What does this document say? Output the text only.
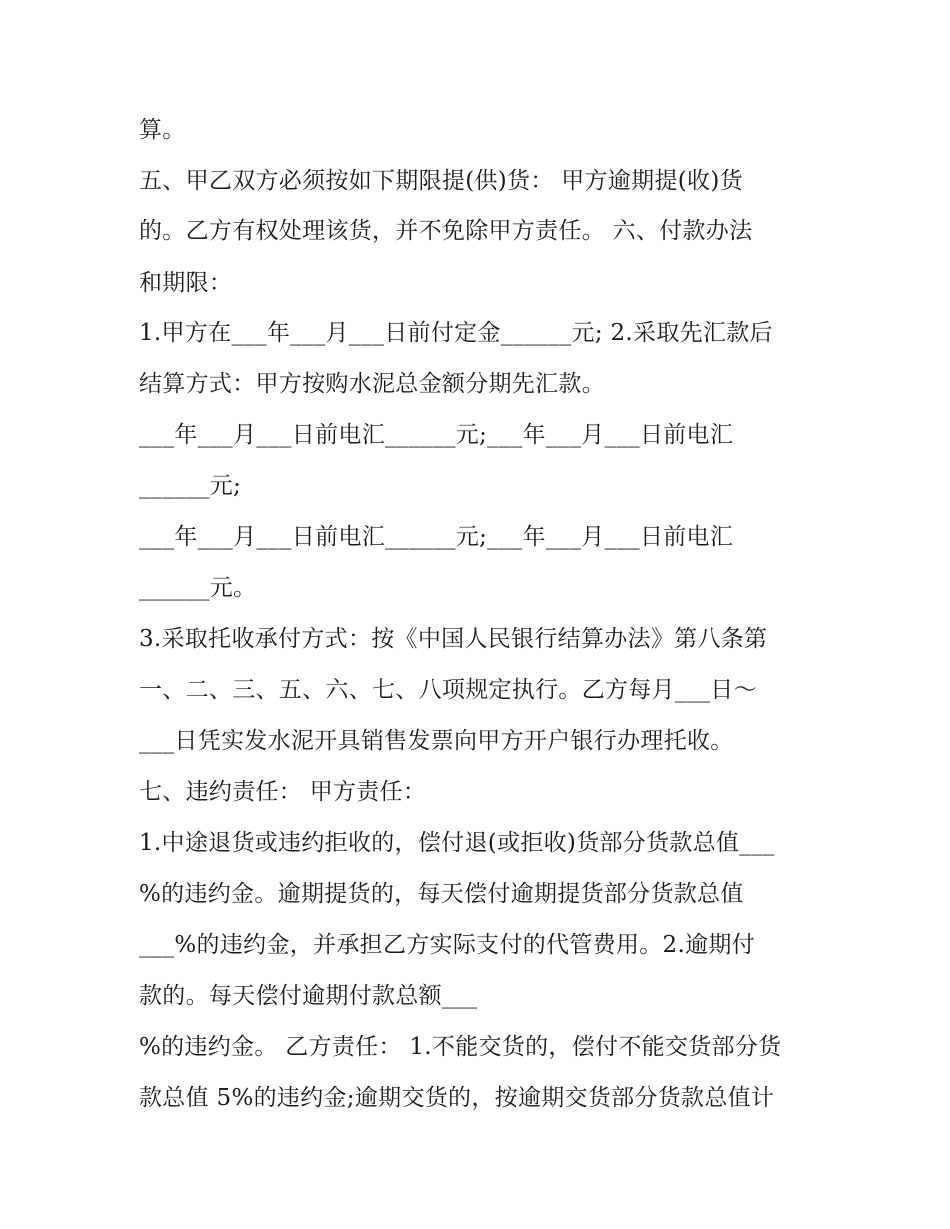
算。
五、甲乙双方必须按如下期限提(供)货： 甲方逾期提(收)货
的。乙方有权处理该货，并不免除甲方责任。 六、付款办法
和期限：
1.甲方在___年___月___日前付定金______元; 2.采取先汇款后
结算方式：甲方按购水泥总金额分期先汇款。
___年___月___日前电汇______元;___年___月___日前电汇
______元;
___年___月___日前电汇______元;___年___月___日前电汇
______元。
3.采取托收承付方式：按《中国人民银行结算办法》第八条第
一、二、三、五、六、七、八项规定执行。乙方每月___日～
___日凭实发水泥开具销售发票向甲方开户银行办理托收。
七、违约责任： 甲方责任：
1.中途退货或违约拒收的，偿付退(或拒收)货部分货款总值___
%的违约金。逾期提货的，每天偿付逾期提货部分货款总值
___%的违约金，并承担乙方实际支付的代管费用。2.逾期付
款的。每天偿付逾期付款总额___
%的违约金。 乙方责任： 1.不能交货的，偿付不能交货部分货
款总值 5%的违约金;逾期交货的，按逾期交货部分货款总值计
